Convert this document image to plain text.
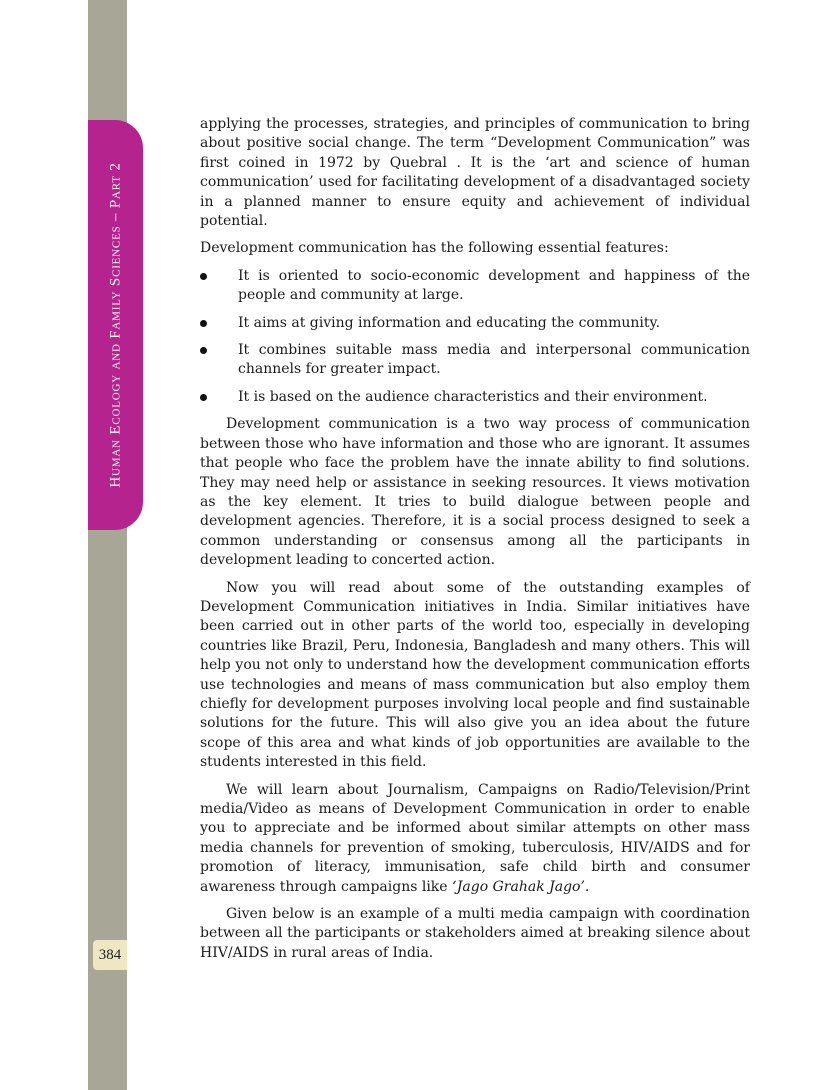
Human Ecology and Family Sciences – Part 2
384

applying the processes, strategies, and principles of communication to bring about positive social change. The term “Development Communication” was first coined in 1972 by Quebral . It is the ‘art and science of human communication’ used for facilitating development of a disadvantaged society in a planned manner to ensure equity and achievement of individual potential.

Development communication has the following essential features:

It is oriented to socio-economic development and happiness of the people and community at large.
It aims at giving information and educating the community.
It combines suitable mass media and interpersonal communication channels for greater impact.
It is based on the audience characteristics and their environment.

Development communication is a two way process of communication between those who have information and those who are ignorant. It assumes that people who face the problem have the innate ability to find solutions. They may need help or assistance in seeking resources. It views motivation as the key element. It tries to build dialogue between people and development agencies. Therefore, it is a social process designed to seek a common understanding or consensus among all the participants in development leading to concerted action.

Now you will read about some of the outstanding examples of Development Communication initiatives in India. Similar initiatives have been carried out in other parts of the world too, especially in developing countries like Brazil, Peru, Indonesia, Bangladesh and many others. This will help you not only to understand how the development communication efforts use technologies and means of mass communication but also employ them chiefly for development purposes involving local people and find sustainable solutions for the future. This will also give you an idea about the future scope of this area and what kinds of job opportunities are available to the students interested in this field.

We will learn about Journalism, Campaigns on Radio/Television/Print media/Video as means of Development Communication in order to enable you to appreciate and be informed about similar attempts on other mass media channels for prevention of smoking, tuberculosis, HIV/AIDS and for promotion of literacy, immunisation, safe child birth and consumer awareness through campaigns like ‘Jago Grahak Jago’.

Given below is an example of a multi media campaign with coordination between all the participants or stakeholders aimed at breaking silence about HIV/AIDS in rural areas of India.
